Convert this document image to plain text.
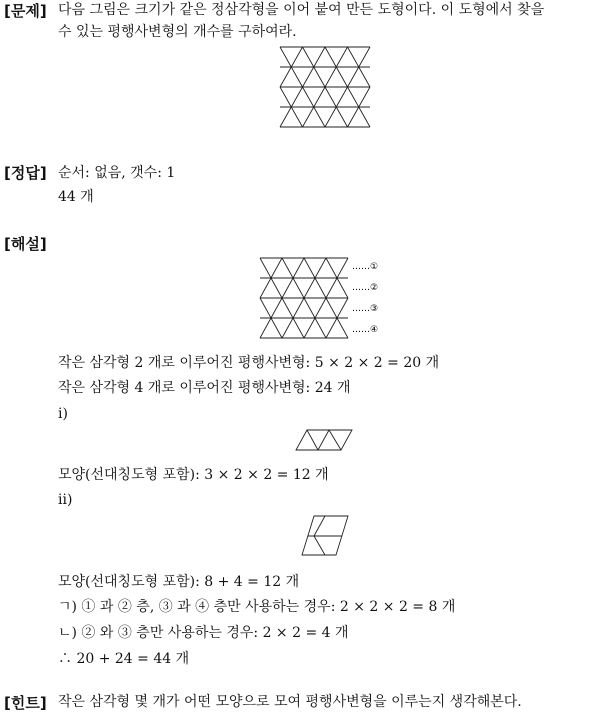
[문제] 다음 그림은 크기가 같은 정삼각형을 이어 붙여 만든 도형이다. 이 도형에서 찾을
수 있는 평행사변형의 개수를 구하여라.
[정답] 순서: 없음, 갯수: 1
44 개
[해설]
……①
……②
……③
……④
작은 삼각형 2 개로 이루어진 평행사변형: 5 × 2 × 2 = 20 개
작은 삼각형 4 개로 이루어진 평행사변형: 24 개
i)
모양(선대칭도형 포함): 3 × 2 × 2 = 12 개
ii)
모양(선대칭도형 포함): 8 + 4 = 12 개
ㄱ) ① 과 ② 층, ③ 과 ④ 층만 사용하는 경우: 2 × 2 × 2 = 8 개
ㄴ) ② 와 ③ 층만 사용하는 경우: 2 × 2 = 4 개
∴ 20 + 24 = 44 개
[힌트] 작은 삼각형 몇 개가 어떤 모양으로 모여 평행사변형을 이루는지 생각해본다.
